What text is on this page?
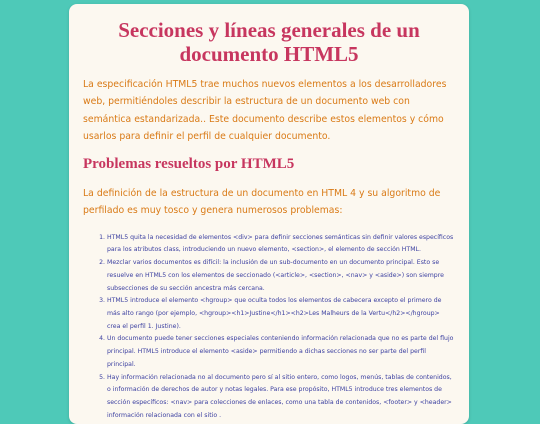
Secciones y líneas generales de un documento HTML5

La especificación HTML5 trae muchos nuevos elementos a los desarrolladores web, permitiéndoles describir la estructura de un documento web con semántica estandarizada.. Este documento describe estos elementos y cómo usarlos para definir el perfil de cualquier documento.

Problemas resueltos por HTML5

La definición de la estructura de un documento en HTML 4 y su algoritmo de perfilado es muy tosco y genera numerosos problemas:

1. HTML5 quita la necesidad de elementos <div> para definir secciones semánticas sin definir valores específicos para los atributos class, introduciendo un nuevo elemento, <section>, el elemento de sección HTML.
2. Mezclar varios documentos es difícil: la inclusión de un sub-documento en un documento principal. Esto se resuelve en HTML5 con los elementos de seccionado (<article>, <section>, <nav> y <aside>) son siempre subsecciones de su sección ancestra más cercana.
3. HTML5 introduce el elemento <hgroup> que oculta todos los elementos de cabecera excepto el primero de más alto rango (por ejemplo, <hgroup><h1>Justine</h1><h2>Les Malheurs de la Vertu</h2></hgroup> crea el perfil 1. Justine).
4. Un documento puede tener secciones especiales conteniendo información relacionada que no es parte del flujo principal. HTML5 introduce el elemento <aside> permitiendo a dichas secciones no ser parte del perfil principal.
5. Hay información relacionada no al documento pero sí al sitio entero, como logos, menús, tablas de contenidos, o información de derechos de autor y notas legales. Para ese propósito, HTML5 introduce tres elementos de sección específicos: <nav> para colecciones de enlaces, como una tabla de contenidos, <footer> y <header> información relacionada con el sitio .
